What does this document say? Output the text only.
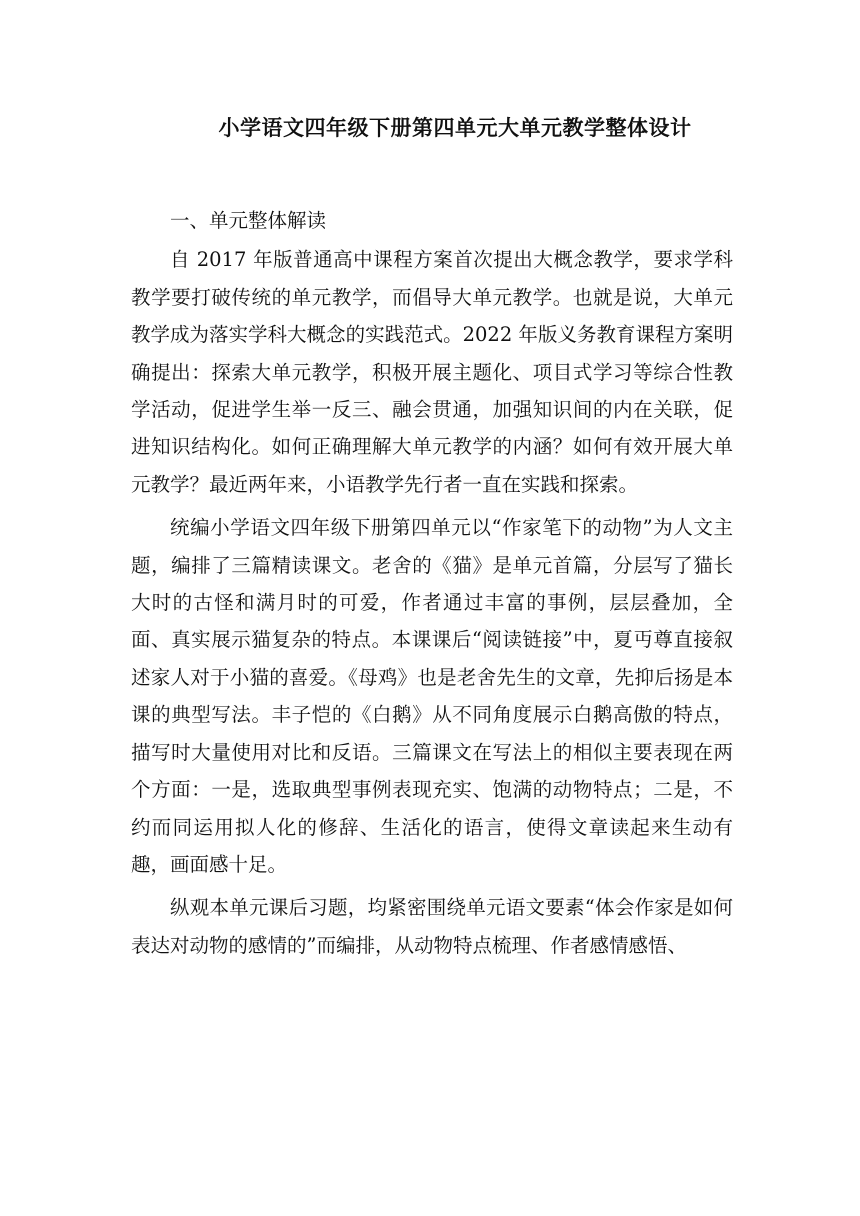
小学语文四年级下册第四单元大单元教学整体设计
一、单元整体解读

自 2017 年版普通高中课程方案首次提出大概念教学，要求学科教学要打破传统的单元教学，而倡导大单元教学。也就是说，大单元教学成为落实学科大概念的实践范式。2022 年版义务教育课程方案明确提出：探索大单元教学，积极开展主题化、项目式学习等综合性教学活动，促进学生举一反三、融会贯通，加强知识间的内在关联，促进知识结构化。如何正确理解大单元教学的内涵？如何有效开展大单元教学？最近两年来，小语教学先行者一直在实践和探索。

统编小学语文四年级下册第四单元以“作家笔下的动物”为人文主题，编排了三篇精读课文。老舍的《猫》是单元首篇，分层写了猫长大时的古怪和满月时的可爱，作者通过丰富的事例，层层叠加，全面、真实展示猫复杂的特点。本课课后“阅读链接”中，夏丏尊直接叙述家人对于小猫的喜爱。《母鸡》也是老舍先生的文章，先抑后扬是本课的典型写法。丰子恺的《白鹅》从不同角度展示白鹅高傲的特点，描写时大量使用对比和反语。三篇课文在写法上的相似主要表现在两个方面：一是，选取典型事例表现充实、饱满的动物特点；二是，不约而同运用拟人化的修辞、生活化的语言，使得文章读起来生动有趣，画面感十足。

纵观本单元课后习题，均紧密围绕单元语文要素“体会作家是如何表达对动物的感情的”而编排，从动物特点梳理、作者感情感悟、
